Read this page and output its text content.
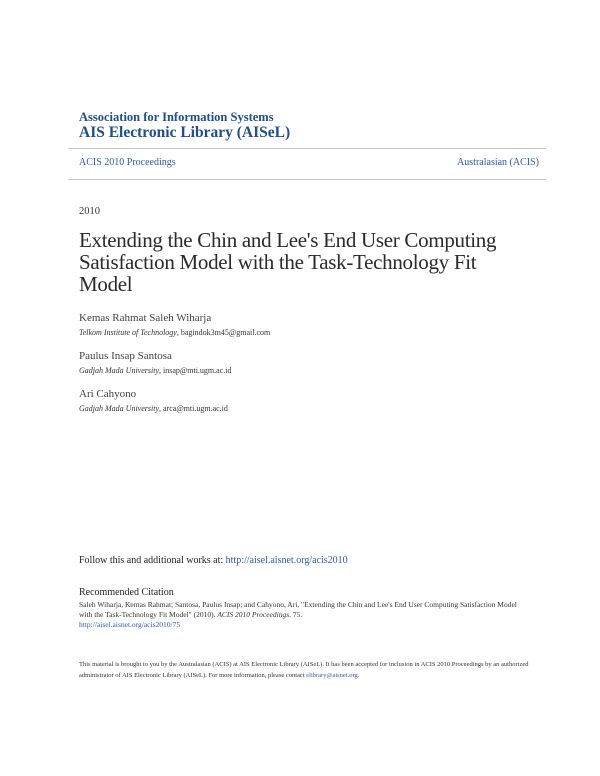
Association for Information Systems

AIS Electronic Library (AISeL)

ACIS 2010 Proceedings	Australasian (ACIS)
2010
Extending the Chin and Lee's End User Computing Satisfaction Model with the Task-Technology Fit Model
Kemas Rahmat Saleh Wiharja
Telkom Institute of Technology, bagindok3m45@gmail.com
Paulus Insap Santosa
Gadjah Mada University, insap@mti.ugm.ac.id
Ari Cahyono
Gadjah Mada University, arca@mti.ugm.ac.id
Follow this and additional works at: http://aisel.aisnet.org/acis2010
Recommended Citation
Saleh Wiharja, Kemas Rahmat; Santosa, Paulus Insap; and Cahyono, Ari, "Extending the Chin and Lee's End User Computing Satisfaction Model with the Task-Technology Fit Model" (2010). ACIS 2010 Proceedings. 75.
http://aisel.aisnet.org/acis2010/75
This material is brought to you by the Australasian (ACIS) at AIS Electronic Library (AISeL). It has been accepted for inclusion in ACIS 2010 Proceedings by an authorized administrator of AIS Electronic Library (AISeL). For more information, please contact elibrary@aisnet.org.
